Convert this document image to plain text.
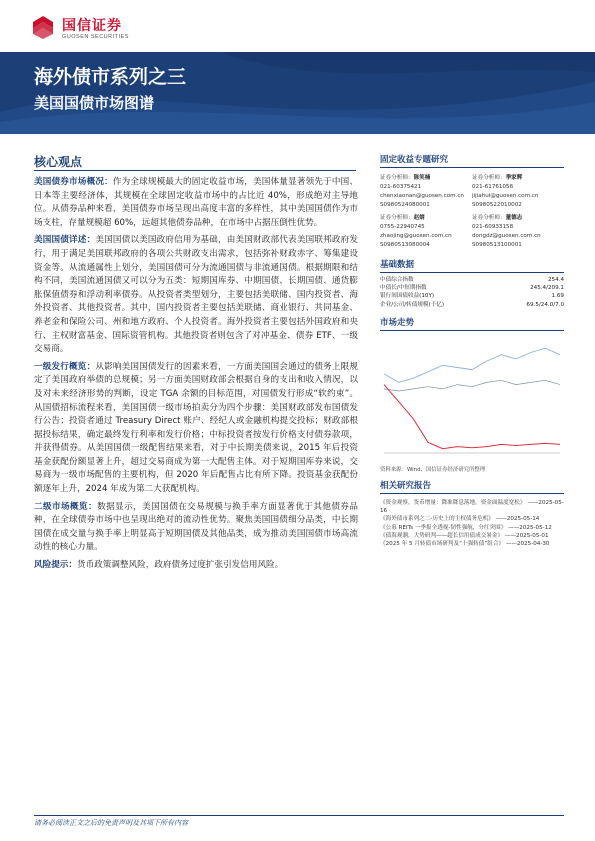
国信证券
GUOSEN SECURITIES
海外债市系列之三
美国国债市场图谱
核心观点

美国债券市场概况：作为全球规模最大的固定收益市场，美国体量显著领先于中国、日本等主要经济体，其规模在全球固定收益市场中的占比近 40%，形成绝对主导地位。从债券品种来看，美国债券市场呈现出高度丰富的多样性，其中美国国债作为市场支柱，存量规模超 60%，远超其他债券品种，在市场中占据压倒性优势。

美国国债详述：美国国债以美国政府信用为基础，由美国财政部代表美国联邦政府发行，用于满足美国联邦政府的各项公共财政支出需求，包括弥补财政赤字、筹集建设资金等。从流通属性上划分，美国国债可分为流通国债与非流通国债。根据期限和结构不同，美国流通国债又可以分为五类：短期国库券、中期国债、长期国债、通货膨胀保值债券和浮动利率债券。从投资者类型划分，主要包括美联储、国内投资者、海外投资者、其他投资者。其中，国内投资者主要包括美联储、商业银行、共同基金、养老金和保险公司、州和地方政府、个人投资者。海外投资者主要包括外国政府和央行、主权财富基金、国际资管机构。其他投资者则包含了对冲基金、债券 ETF、一级交易商。

一级发行概览：从影响美国国债发行的因素来看，一方面美国国会通过的债务上限规定了美国政府举债的总规模；另一方面美国财政部会根据自身的支出和收入情况，以及对未来经济形势的判断，设定 TGA 余额的目标范围，对国债发行形成“软约束”。从国债招标流程来看，美国国债一级市场拍卖分为四个步骤：美国财政部发布国债发行公告；投资者通过 Treasury Direct 账户、经纪人或金融机构提交投标；财政部根据投标结果，确定最终发行利率和发行价格；中标投资者按发行价格支付债券款项，并获得债券。从美国国债一级配售结果来看，对于中长期美债来说，2015 年后投资基金获配份额显著上升，超过交易商成为第一大配售主体。对于短期国库券来说，交易商为一级市场配售的主要机构，但 2020 年后配售占比有所下降。投资基金获配份额逐年上升，2024 年成为第二大获配机构。

二级市场概览：数据显示，美国国债在交易规模与换手率方面显著优于其他债券品种，在全球债券市场中也呈现出绝对的流动性优势。聚焦美国国债细分品类，中长期国债在成交量与换手率上明显高于短期国债及其他品类，成为推动美国国债市场高流动性的核心力量。

风险提示：货币政策调整风险，政府债务过度扩张引发信用风险。

固定收益专题研究
证券分析师：陈笑楠
021-60375421
chenxiaonan@guosen.com.cn
S0980524080001
证券分析师：季家辉
021-61761056
jijiahui@guosen.com.cn
S0980522010002
证券分析师：赵婧
0755-22940745
zhaojing@guosen.com.cn
S0980513080004
证券分析师：董德志
021-60933158
dongdz@guosen.com.cn
S0980513100001
基础数据
中债综合指数	254.4
中债长/中短期指数	245.4/209.1
银行间国债收益(10Y)	1.69
企业/公司/转债规模(千亿)	69.5/24.0/7.0
市场走势
资料来源：Wind、国信证券经济研究所整理
相关研究报告
《资金观察，货币增量：降准降息落地，资金面温度宽松》 ——2025-05-16
《海外债市系列之二-历史上的主权债务危机》 ——2025-05-14
《公募 REITs 一季报全透视-韧性强航，分红突围》 ——2025-05-12
《债海观潮，大势研判——超长信用债成交暑金》 ——2025-05-01
《2025 年 5 月转债市场研判及“十强转债”组合》 ——2025-04-30
请务必阅读正文之后的免责声明及其项下所有内容
